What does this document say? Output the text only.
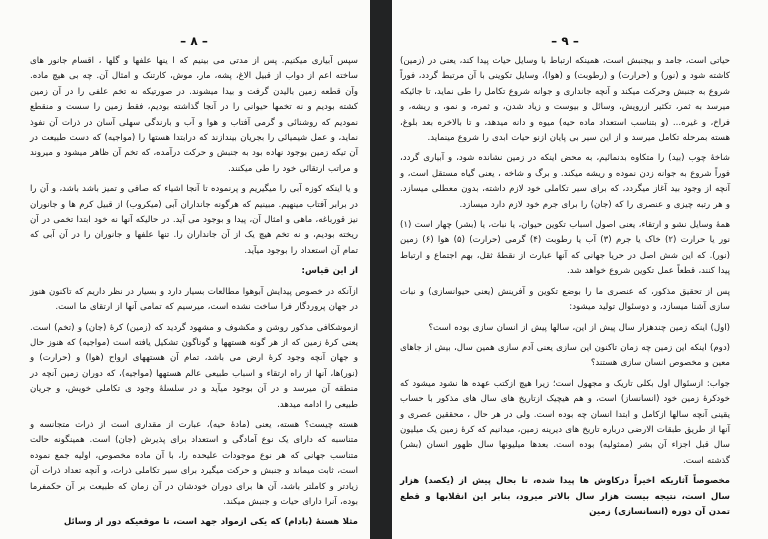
– ۸ –

سپس آبیاری میکنیم. پس از مدتی می بینیم که ا ینها علفها و گلها ، اقسام جانور های ساخته اعم از دواب از قبیل الاغ، پشه، مار، موش، کارتنک و امثال آن. چه بی هیچ ماده. وآن قطعه زمین بالیدن گرفت و بیدا میشوند. در صورتیکه نه تخم علفی را در آن زمین کشته بودیم و نه تخمها حیوانی را در آنجا گذاشته بودیم، فقط زمین را سست و منقطع نمودیم که روشنائی و گرمی آفتاب و هوا و آب و بارندگی سهلی آسان در ذرات آن نفوذ نماید، و عمل شیمیائی را بجریان بیندازند که درابتدا هستها را (مواجیه) که دست طبیعت در آن تیکه زمین بوجود نهاده بود به جنبش و حرکت درآمده، که تخم آن ظاهر میشود و میروند و مراتب ارتقائی خود را طی میکنند.

و یا اینکه کوزه آبی را میگیریم و پرنموده تا آنجا اشیاء که صافی و تمیز باشد باشد، و آن را در برابر آفتاب مینهیم. مبینیم که هرگونه جانداران آبی (میکروب) از قبیل کرم ها و جانوران نیز قورباغه، ماهی و امثال آن، پیدا و بوجود می آید. در حالیکه آنها نه خود ابتدا تخمی در آن ریخته بودیم، و نه تخم هیچ یک از آن جانداران را. تنها علفها و جانوران را در آن آبی که تمام آن استعداد را بوجود میآید.

از این قیاس:

ازآنکه در خصوص پیدایش آبوهوا مطالعات بسیار دارد و بسیار در نظر داریم که تاکنون هنوز در جهان پروردگار فرا ساخت نشده است، میرسیم که تمامی آنها از ارتقای ما است.

ازموشکافی مذکور روشن و مکشوف و مشهود گردید که (زمین) کرهٔ (جان) و (تخم) است. یعنی کرهٔ زمین که از هر گونه هستهها و گوناگون تشکیل یافته است (مواجیه) که هنوز حال و جهان آنچه وجود کرهٔ ارض می باشد، تمام آن هستههای ارواح (هوا) و (حرارت) و (نور)ها، آنها از راه ارتقاء و اسباب طبیعی عالم هستهها (مواجیه)، که دوران زمین آنچه در منطقه آن میرسد و در آن بوجود میآید و در سلسلهٔ وجود ی تکاملی خویش، و جریان طبیعی را ادامه میدهد.

هسته چیست؟ هسته، یعنی (مادهٔ حیه)، عبارت از مقداری است از ذرات متجانسه و متناسبه که دارای یک نوع آمادگی و استعداد برای پذیرش (جان) است. همینگونه حالت متناسب جهانی که هر نوع موجودات علیحده را، با آن ماده مخصوص، اولیه جمع نموده است، ثابت میماند و جنبش و حرکت میگیرد برای سیر تکاملی ذرات، و آنچه تعداد ذرات آن زیادتر و کاملتر باشد، آن ها برای دوران خودشان در آن زمان که طبیعت بر آن حکمفرما بوده، آنرا دارای حیات و جنبش میکند.

مثلا هستهٔ (بادام) که یکی ازمواد جهد است، تا موقعیکه دور از وسائل

– ۹ –

حیاتی است، جامد و بیجنبش است، همینکه ارتباط با وسایل حیات پیدا کند، یعنی در (زمین) کاشته شود و (نور) و (حرارت) و (رطوبت) و (هوا)، وسایل تکوینی با آن مرتبط گردد، فوراً شروع به جنبش وحرکت میکند و آنچه جانداری و جوانه شروع تکامل را طی نماید، تا جائیکه میرسد به ثمر، تکثیر ازرویش، وسائل و بیوست و زیاد شدن، و ثمره، و نمو، و ریشه، و فراخ، و غیره... (و بتناسب استعداد ماده حیه) میوه و دانه میدهد، و تا بالاخره بعد بلوغ، هسته بمرحله تکامل میرسد و از این سیر بی پایان ازنو حیات ابدی را شروع مینماید.

شاخهٔ چوب (بید) را متکاوه بدنمائیم، به محض اینکه در زمین نشانده شود، و آبیاری گردد، فوراً شروع به جوانه زدن نموده و ریشه میکند. و برگ و شاخه ، یعنی گیاه مستقل است، و آنچه از وجود بید آغاز میگردد، که برای سیر تکاملی خود لازم داشته، بدون معطلی میسازد. و هر رتبه چیزی و عنصری را که (جان) را برای جرم خود لازم دارد میسازد.

همهٔ وسایل نشو و ارتقاء، یعنی اصول اسباب تکوین حیوان، یا نبات، یا (بشر) چهار است (۱) نور یا حرارت (۲) خاک یا جرم (۳) آب یا رطوبت (۴) گرمی (حرارت) (۵) هوا (۶) زمین (نور). که این شش اصل در حریا جهانی که آنها عبارت از نقطهٔ ثقل، بهم اجتماع و ارتباط پیدا کنند، قطعاً عمل تکوین شروع خواهد شد.

پس از تحقیق مذکور، که عنصری ما را بوضع تکوین و آفرینش (یعنی حیوانسازی) و نبات سازی آشنا میسازد، و دوسئوال تولید میشود:

(اول) اینکه زمین چندهزار سال پیش از این، سالها پیش از انسان سازی بوده است؟

(دوم) اینکه این زمین چه زمان تاکنون این سازی یعنی آدم سازی همین سال، بیش از جاهای معین و مخصوص انسان سازی هستند؟

جواب: ازسئوال اول بکلی تاریک و مجهول است؛ زیرا هیچ ازکتب عهده ها نشود میشود که خودکرهٔ زمین خود (انسانساز) است، و هم هیچیک ازتاریخ های سال های مذکور با حساب یقینی آنچه سالها ازکامل و ابتدا انسان چه بوده است. ولی در هر حال ، محققین عصری و آنها از طریق طبقات الارضی درباره تاریخ های دیرینه زمین، میدانیم که کرهٔ زمین یک میلیون سال قبل اجزاء آن بشر (ممثولیه) بوده است. بعدها میلیونها سال ظهور انسان (بشر) گذشته است.

مخصوصاً آثاریکه اخیراً درکاوش ها پیدا شده، تا بحال پیش از (یکصد) هزار سال است، نتیجه بیست هزار سال بالاتر میرود، بنابر این انقلابها و قطع تمدن آن دوره (انسانسازی) زمین
